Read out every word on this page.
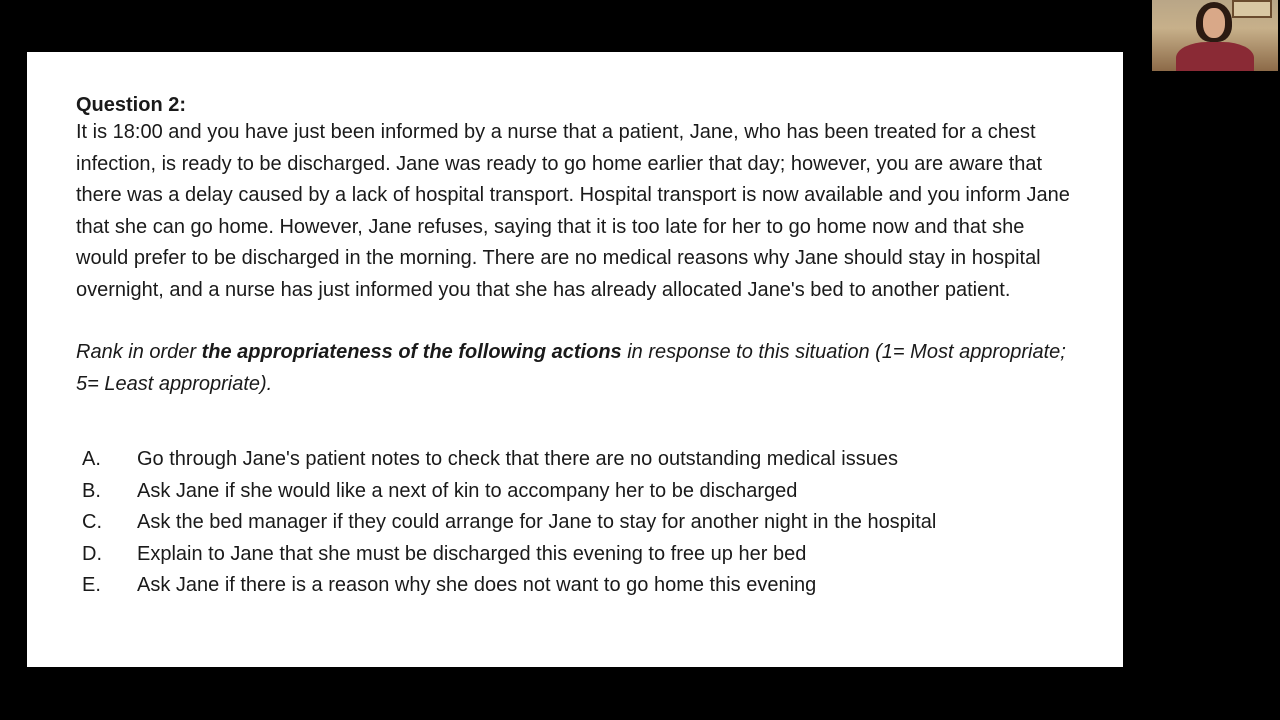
Question 2:

It is 18:00 and you have just been informed by a nurse that a patient, Jane, who has been treated for a chest infection, is ready to be discharged. Jane was ready to go home earlier that day; however, you are aware that there was a delay caused by a lack of hospital transport. Hospital transport is now available and you inform Jane that she can go home. However, Jane refuses, saying that it is too late for her to go home now and that she would prefer to be discharged in the morning. There are no medical reasons why Jane should stay in hospital overnight, and a nurse has just informed you that she has already allocated Jane's bed to another patient.

Rank in order the appropriateness of the following actions in response to this situation (1= Most appropriate; 5= Least appropriate).

A.	Go through Jane's patient notes to check that there are no outstanding medical issues
B.	Ask Jane if she would like a next of kin to accompany her to be discharged
C.	Ask the bed manager if they could arrange for Jane to stay for another night in the hospital
D.	Explain to Jane that she must be discharged this evening to free up her bed
E.	Ask Jane if there is a reason why she does not want to go home this evening
